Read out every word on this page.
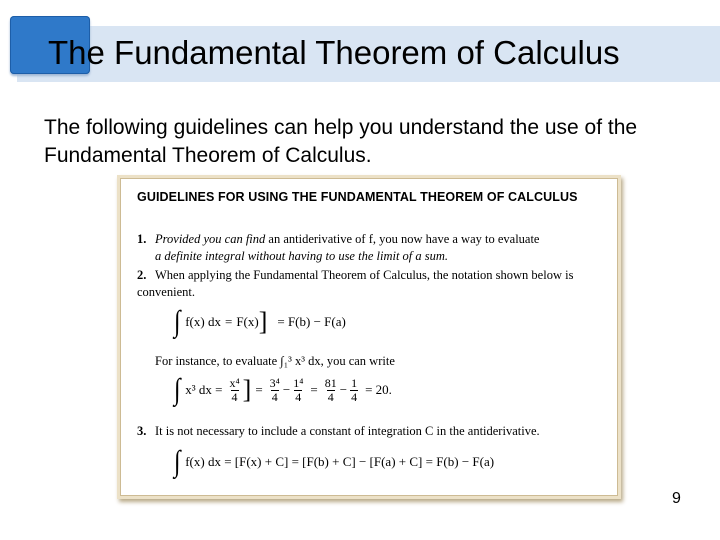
The Fundamental Theorem of Calculus
The following guidelines can help you understand the use of the Fundamental Theorem of Calculus.
GUIDELINES FOR USING THE FUNDAMENTAL THEOREM OF CALCULUS
1. Provided you can find an antiderivative of f, you now have a way to evaluate
a definite integral without having to use the limit of a sum.
2. When applying the Fundamental Theorem of Calculus, the notation shown below is convenient.
∫ f(x) dx = F(x) ] = F(b) − F(a)
For instance, to evaluate ∫₁³ x³ dx, you can write
∫ x³ dx = $\frac{\text{x⁴}}{4}$ ] = $\frac{\text{3⁴}}{4} - \frac{\text{1⁴}}{4} = \frac{81}{4} - \frac{1}{4} = 20$.
3. It is not necessary to include a constant of integration C in the antiderivative.
∫ f(x) dx = [F(x) + C] = [F(b) + C] − [F(a) + C] = F(b) − F(a)
9
